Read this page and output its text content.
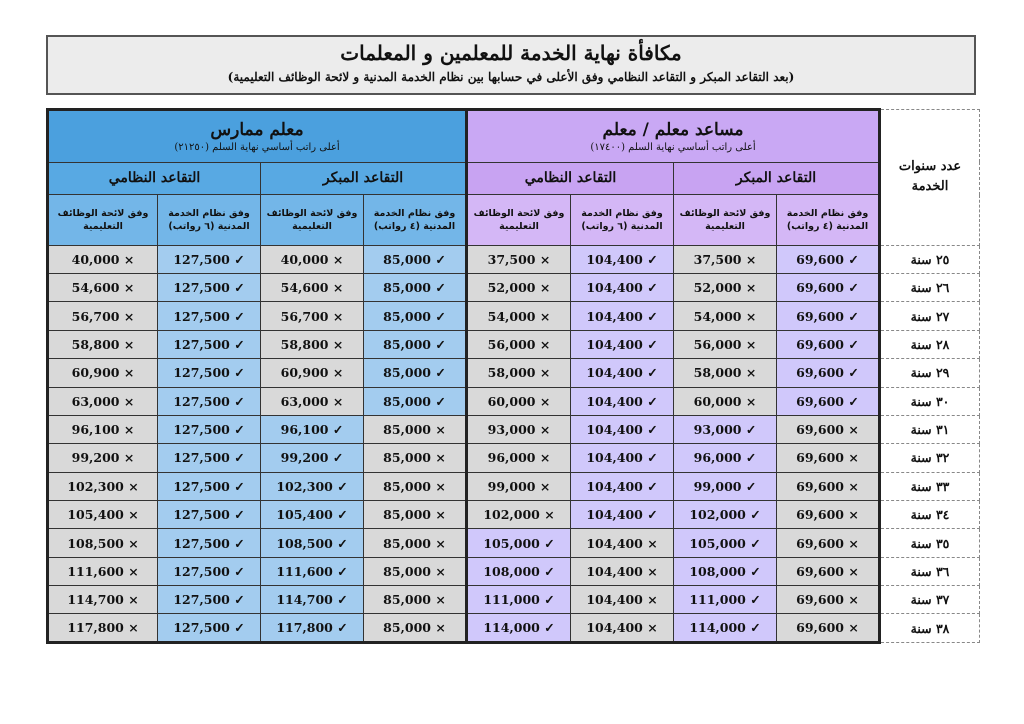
مكافأة نهاية الخدمة للمعلمين و المعلمات
(بعد التقاعد المبكر و التقاعد النظامي وفق الأعلى في حسابها بين نظام الخدمة المدنية و لائحة الوظائف التعليمية)
عدد سنوات الخدمة	مساعد معلم / معلم
أعلى راتب أساسي نهاية السلم (١٧٤٠٠)				معلم ممارس
أعلى راتب أساسي نهاية السلم (٢١٢٥٠)			

	التقاعد المبكر		التقاعد النظامي		التقاعد المبكر		التقاعد النظامي	
	وفق نظام الخدمة المدنية (٤ رواتب)	وفق لائحة الوظائف التعليمية	وفق نظام الخدمة المدنية (٦ رواتب)	وفق لائحة الوظائف التعليمية	وفق نظام الخدمة المدنية (٤ رواتب)	وفق لائحة الوظائف التعليمية	وفق نظام الخدمة المدنية (٦ رواتب)	وفق لائحة الوظائف التعليمية
٢٥ سنة	69,600 ✓	37,500 ×	104,400 ✓	37,500 ×	85,000 ✓	40,000 ×	127,500 ✓	40,000 ×
٢٦ سنة	69,600 ✓	52,000 ×	104,400 ✓	52,000 ×	85,000 ✓	54,600 ×	127,500 ✓	54,600 ×
٢٧ سنة	69,600 ✓	54,000 ×	104,400 ✓	54,000 ×	85,000 ✓	56,700 ×	127,500 ✓	56,700 ×
٢٨ سنة	69,600 ✓	56,000 ×	104,400 ✓	56,000 ×	85,000 ✓	58,800 ×	127,500 ✓	58,800 ×
٢٩ سنة	69,600 ✓	58,000 ×	104,400 ✓	58,000 ×	85,000 ✓	60,900 ×	127,500 ✓	60,900 ×
٣٠ سنة	69,600 ✓	60,000 ×	104,400 ✓	60,000 ×	85,000 ✓	63,000 ×	127,500 ✓	63,000 ×
٣١ سنة	69,600 ×	93,000 ✓	104,400 ✓	93,000 ×	85,000 ×	96,100 ✓	127,500 ✓	96,100 ×
٣٢ سنة	69,600 ×	96,000 ✓	104,400 ✓	96,000 ×	85,000 ×	99,200 ✓	127,500 ✓	99,200 ×
٣٣ سنة	69,600 ×	99,000 ✓	104,400 ✓	99,000 ×	85,000 ×	102,300 ✓	127,500 ✓	102,300 ×
٣٤ سنة	69,600 ×	102,000 ✓	104,400 ✓	102,000 ×	85,000 ×	105,400 ✓	127,500 ✓	105,400 ×
٣٥ سنة	69,600 ×	105,000 ✓	104,400 ×	105,000 ✓	85,000 ×	108,500 ✓	127,500 ✓	108,500 ×
٣٦ سنة	69,600 ×	108,000 ✓	104,400 ×	108,000 ✓	85,000 ×	111,600 ✓	127,500 ✓	111,600 ×
٣٧ سنة	69,600 ×	111,000 ✓	104,400 ×	111,000 ✓	85,000 ×	114,700 ✓	127,500 ✓	114,700 ×
٣٨ سنة	69,600 ×	114,000 ✓	104,400 ×	114,000 ✓	85,000 ×	117,800 ✓	127,500 ✓	117,800 ×
